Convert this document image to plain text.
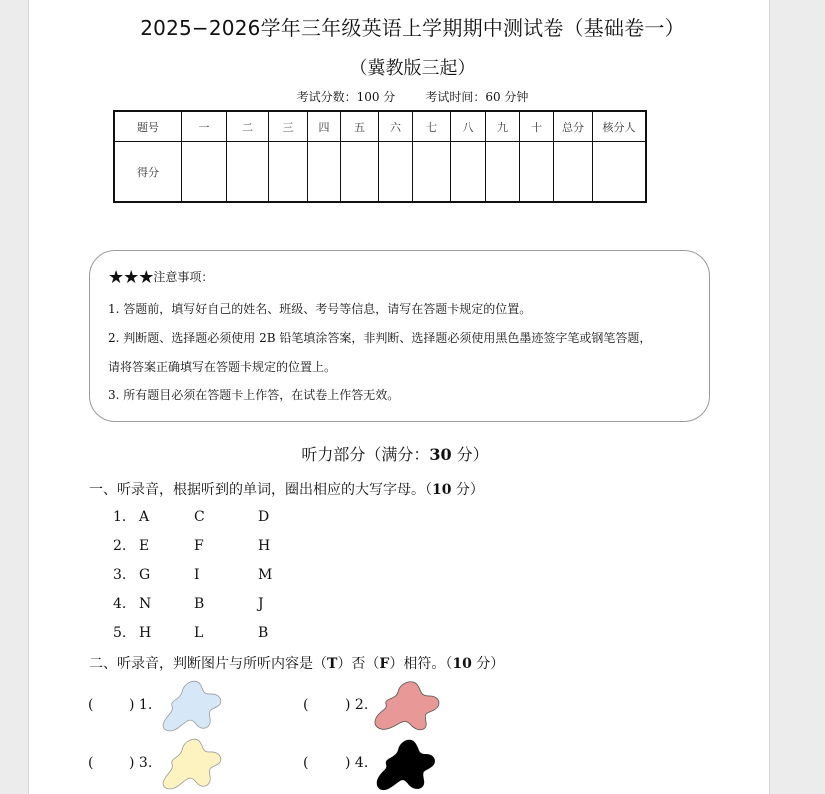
2025−2026学年三年级英语上学期期中测试卷（基础卷一）
（冀教版三起）
考试分数：100 分	考试时间：60 分钟
题号	一	二	三	四	五	六	七	八	九	十	总分	核分人
得分												
★★★注意事项：
1. 答题前，填写好自己的姓名、班级、考号等信息，请写在答题卡规定的位置。
2. 判断题、选择题必须使用 2B 铅笔填涂答案，非判断、选择题必须使用黑色墨迹签字笔或钢笔答题，
请将答案正确填写在答题卡规定的位置上。
3. 所有题目必须在答题卡上作答，在试卷上作答无效。
听力部分（满分：30 分）
一、听录音，根据听到的单词，圈出相应的大写字母。（10 分）
1. A	C	D
2. E	F	H
3. G	I	M
4. N	B	J
5. H	L	B
二、听录音，判断图片与所听内容是（T）否（F）相符。（10 分）
(	) 1.	(	) 2.
(	) 3.	(	) 4.
